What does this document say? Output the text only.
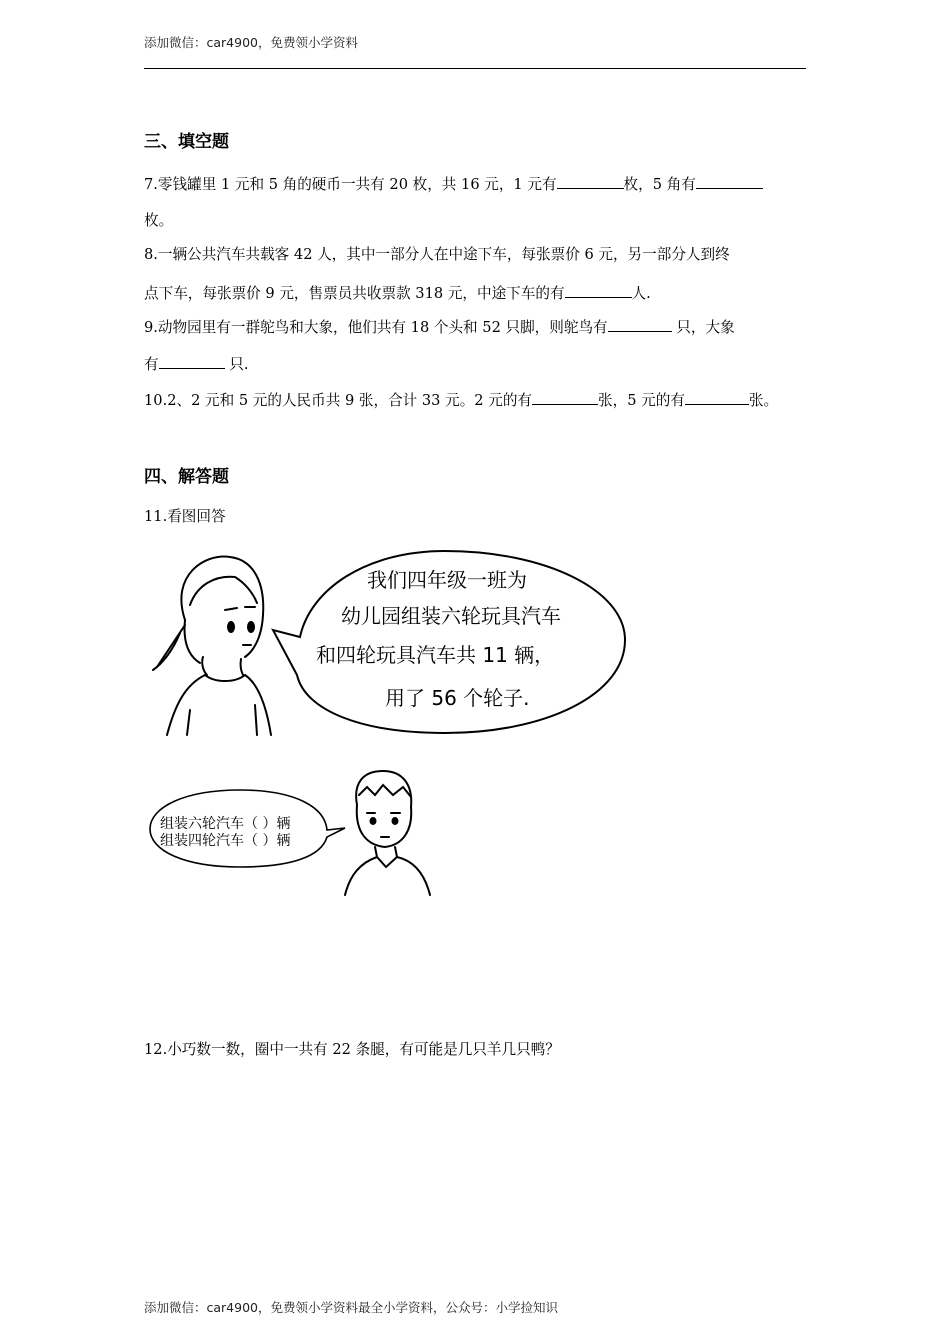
添加微信：car4900，免费领小学资料
三、填空题
7.零钱罐里 1 元和 5 角的硬币一共有 20 枚，共 16 元，1 元有	枚，5 角有
枚。
8.一辆公共汽车共载客 42 人，其中一部分人在中途下车，每张票价 6 元，另一部分人到终
点下车，每张票价 9 元，售票员共收票款 318 元，中途下车的有	人.
9.动物园里有一群鸵鸟和大象，他们共有 18 个头和 52 只脚，则鸵鸟有	只，大象
有	只.
10.2、2 元和 5 元的人民币共 9 张，合计 33 元。2 元的有	张，5 元的有	张。
四、解答题
11.看图回答
我们四年级一班为
幼儿园组装六轮玩具汽车
和四轮玩具汽车共 11 辆，
用了 56 个轮子.
组装六轮汽车（ ）辆
组装四轮汽车（ ）辆
12.小巧数一数，圈中一共有 22 条腿，有可能是几只羊几只鸭？
添加微信：car4900，免费领小学资料最全小学资料，公众号：小学捡知识
